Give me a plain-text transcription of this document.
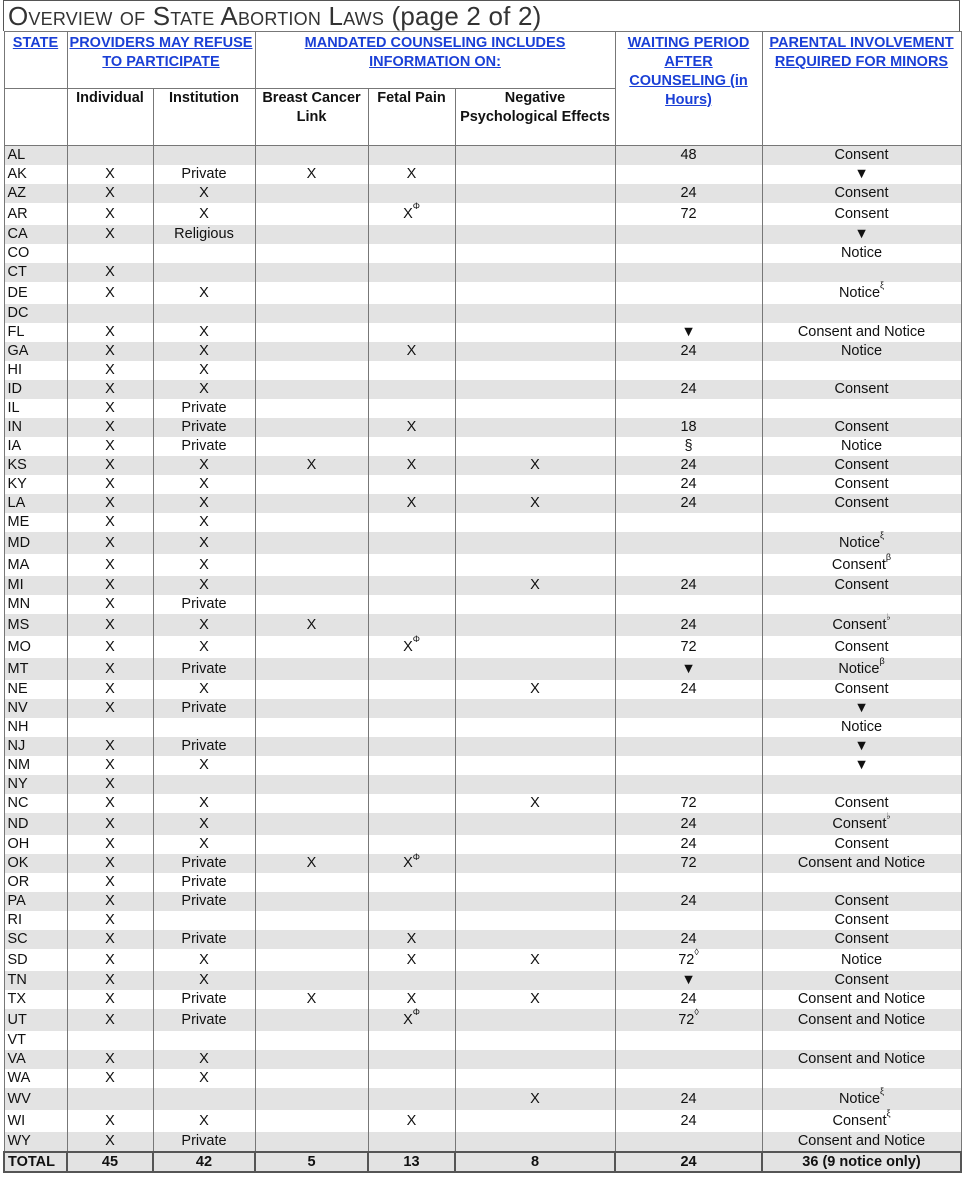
Overview of State Abortion Laws (page 2 of 2)
STATE	PROVIDERS MAY REFUSE TO PARTICIPATE		MANDATED COUNSELING INCLUDES INFORMATION ON:			WAITING PERIOD AFTER COUNSELING (in Hours)	PARENTAL INVOLVEMENT REQUIRED FOR MINORS
	Individual	Institution	Breast Cancer Link	Fetal Pain	Negative Psychological Effects		
AL						48	Consent
AK	X	Private	X	X			▼
AZ	X	X				24	Consent
AR	X	X		$X^\Phi$		72	Consent
CA	X	Religious					▼
CO							Notice
CT	X						
DE	X	X					Notice$^\xi$
DC							
FL	X	X				▼	Consent and Notice
GA	X	X		X		24	Notice
HI	X	X					
ID	X	X				24	Consent
IL	X	Private					
IN	X	Private		X		18	Consent
IA	X	Private				§	Notice
KS	X	X	X	X	X	24	Consent
KY	X	X				24	Consent
LA	X	X		X	X	24	Consent
ME	X	X					
MD	X	X					Notice$^\xi$
MA	X	X					Consent$^\beta$
MI	X	X			X	24	Consent
MN	X	Private					
MS	X	X	X			24	Consent♭
MO	X	X		$X^\Phi$		72	Consent
MT	X	Private				▼	Notice$^\beta$
NE	X	X			X	24	Consent
NV	X	Private					▼
NH							Notice
NJ	X	Private					▼
NM	X	X					▼
NY	X						
NC	X	X			X	72	Consent
ND	X	X				24	Consent♭
OH	X	X				24	Consent
OK	X	Private	X	$X^\Phi$		72	Consent and Notice
OR	X	Private					
PA	X	Private				24	Consent
RI	X						Consent
SC	X	Private		X		24	Consent
SD	X	X		X	X	72◊	Notice
TN	X	X				▼	Consent
TX	X	Private	X	X	X	24	Consent and Notice
UT	X	Private		$X^\Phi$		72◊	Consent and Notice
VT							
VA	X	X					Consent and Notice
WA	X	X					
WV					X	24	Notice$^\xi$
WI	X	X		X		24	Consent$^\xi$
WY	X	Private					Consent and Notice
TOTAL	45	42	5	13	8	24	36 (9 notice only)
